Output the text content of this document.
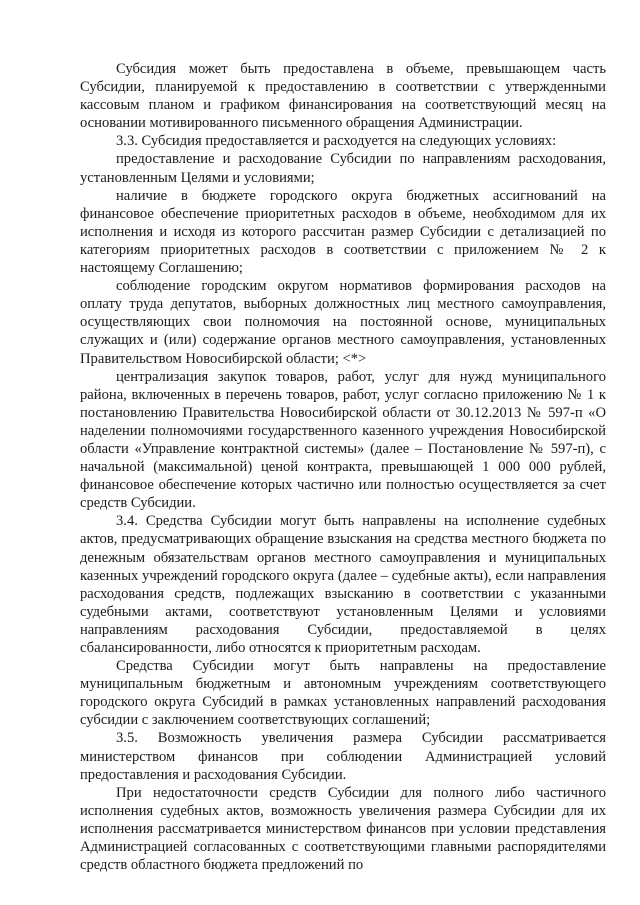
Субсидия может быть предоставлена в объеме, превышающем часть Субсидии, планируемой к предоставлению в соответствии с утвержденными кассовым планом и графиком финансирования на соответствующий месяц на основании мотивированного письменного обращения Администрации.

3.3. Субсидия предоставляется и расходуется на следующих условиях:

предоставление и расходование Субсидии по направлениям расходования, установленным Целями и условиями;

наличие в бюджете городского округа бюджетных ассигнований на финансовое обеспечение приоритетных расходов в объеме, необходимом для их исполнения и исходя из которого рассчитан размер Субсидии с детализацией по категориям приоритетных расходов в соответствии с приложением № 2 к настоящему Соглашению;

соблюдение городским округом нормативов формирования расходов на оплату труда депутатов, выборных должностных лиц местного самоуправления, осуществляющих свои полномочия на постоянной основе, муниципальных служащих и (или) содержание органов местного самоуправления, установленных Правительством Новосибирской области; <*>

централизация закупок товаров, работ, услуг для нужд муниципального района, включенных в перечень товаров, работ, услуг согласно приложению № 1 к постановлению Правительства Новосибирской области от 30.12.2013 № 597-п «О наделении полномочиями государственного казенного учреждения Новосибирской области «Управление контрактной системы» (далее – Постановление № 597-п), с начальной (максимальной) ценой контракта, превышающей 1 000 000 рублей, финансовое обеспечение которых частично или полностью осуществляется за счет средств Субсидии.

3.4. Средства Субсидии могут быть направлены на исполнение судебных актов, предусматривающих обращение взыскания на средства местного бюджета по денежным обязательствам органов местного самоуправления и муниципальных казенных учреждений городского округа (далее – судебные акты), если направления расходования средств, подлежащих взысканию в соответствии с указанными судебными актами, соответствуют установленным Целями и условиями направлениям расходования Субсидии, предоставляемой в целях сбалансированности, либо относятся к приоритетным расходам.

Средства Субсидии могут быть направлены на предоставление муниципальным бюджетным и автономным учреждениям соответствующего городского округа Субсидий в рамках установленных направлений расходования субсидии с заключением соответствующих соглашений;

3.5. Возможность увеличения размера Субсидии рассматривается министерством финансов при соблюдении Администрацией условий предоставления и расходования Субсидии.

При недостаточности средств Субсидии для полного либо частичного исполнения судебных актов, возможность увеличения размера Субсидии для их исполнения рассматривается министерством финансов при условии представления Администрацией согласованных с соответствующими главными распорядителями средств областного бюджета предложений по
